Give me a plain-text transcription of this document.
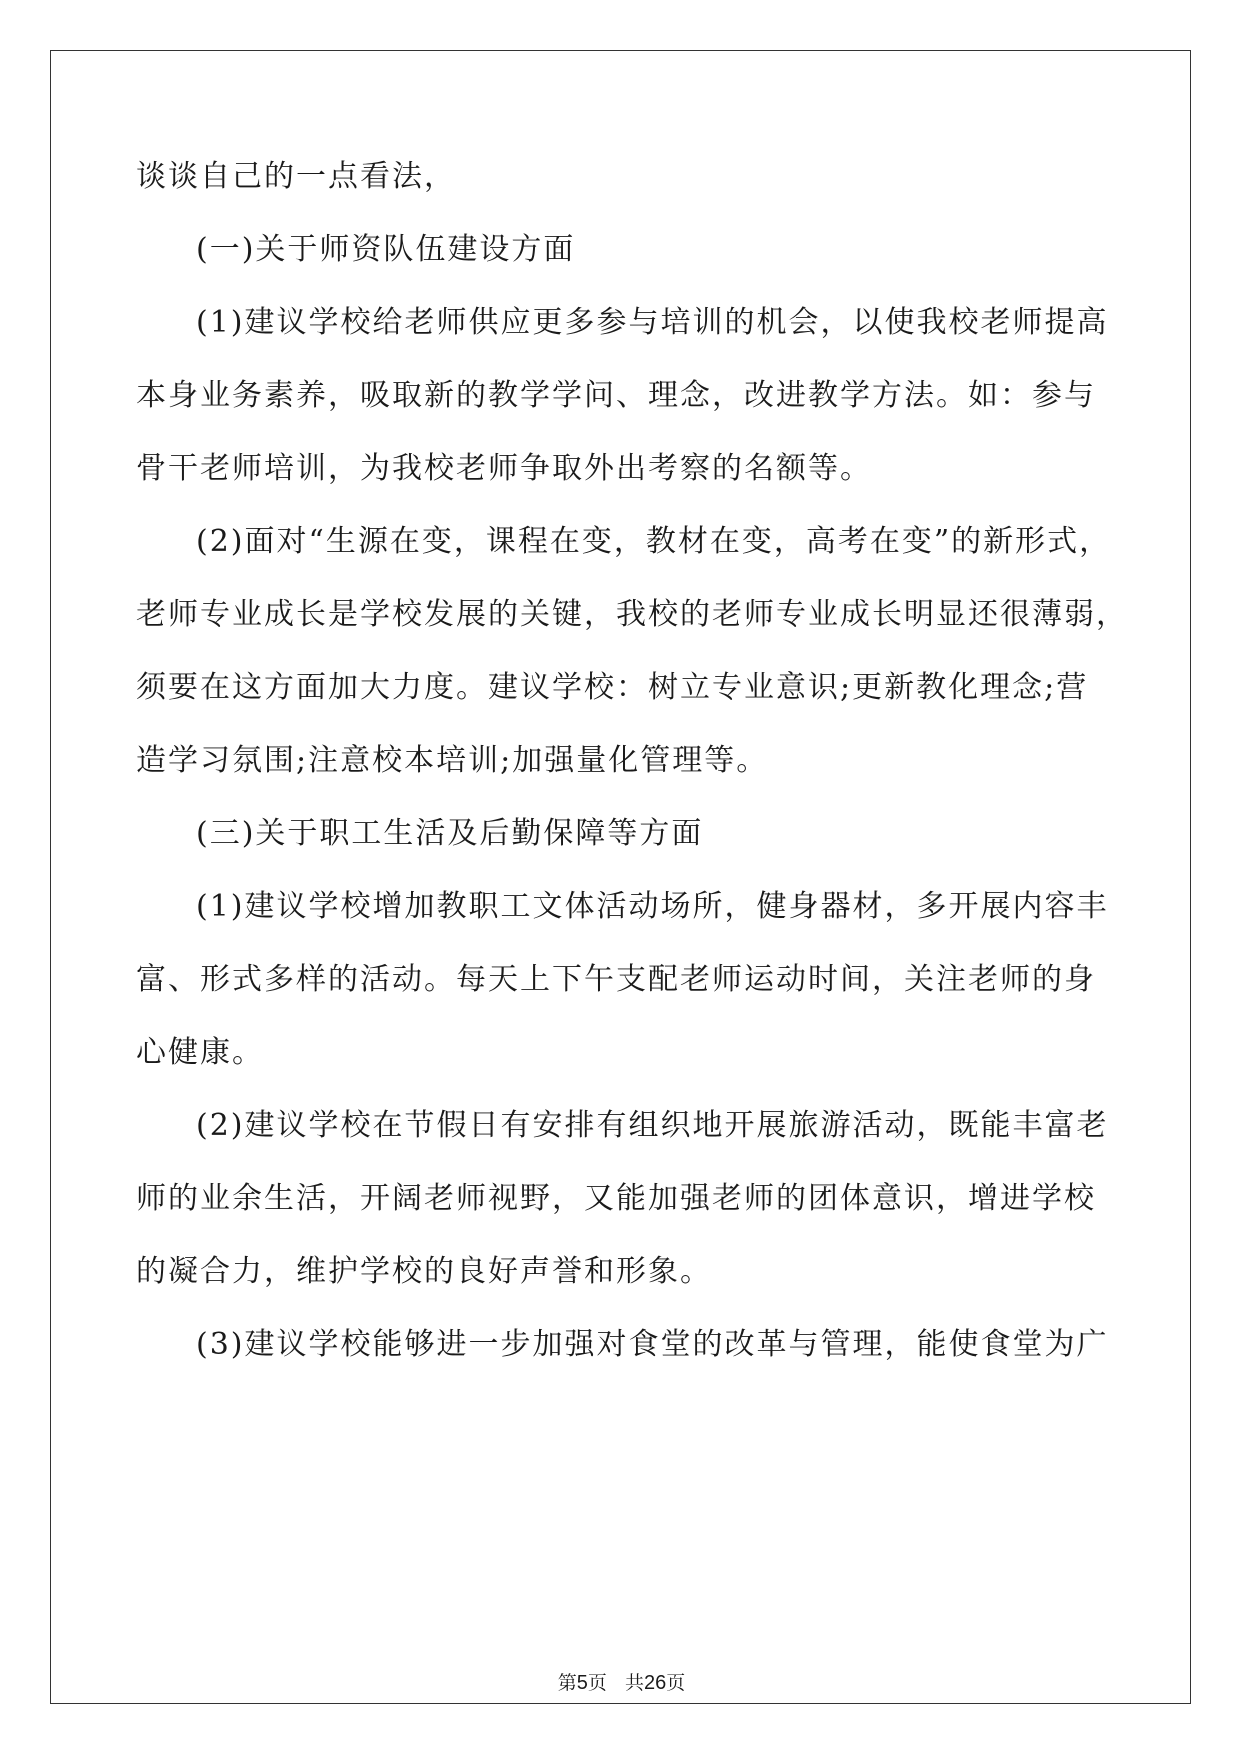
谈谈自己的一点看法，
(一)关于师资队伍建设方面
(1)建议学校给老师供应更多参与培训的机会，以使我校老师提高
本身业务素养，吸取新的教学学问、理念，改进教学方法。如：参与
骨干老师培训，为我校老师争取外出考察的名额等。
(2)面对“生源在变，课程在变，教材在变，高考在变”的新形式，
老师专业成长是学校发展的关键，我校的老师专业成长明显还很薄弱，
须要在这方面加大力度。建议学校：树立专业意识;更新教化理念;营
造学习氛围;注意校本培训;加强量化管理等。
(三)关于职工生活及后勤保障等方面
(1)建议学校增加教职工文体活动场所，健身器材，多开展内容丰
富、形式多样的活动。每天上下午支配老师运动时间，关注老师的身
心健康。
(2)建议学校在节假日有安排有组织地开展旅游活动，既能丰富老
师的业余生活，开阔老师视野，又能加强老师的团体意识，增进学校
的凝合力，维护学校的良好声誉和形象。
(3)建议学校能够进一步加强对食堂的改革与管理，能使食堂为广
第5页 共26页
